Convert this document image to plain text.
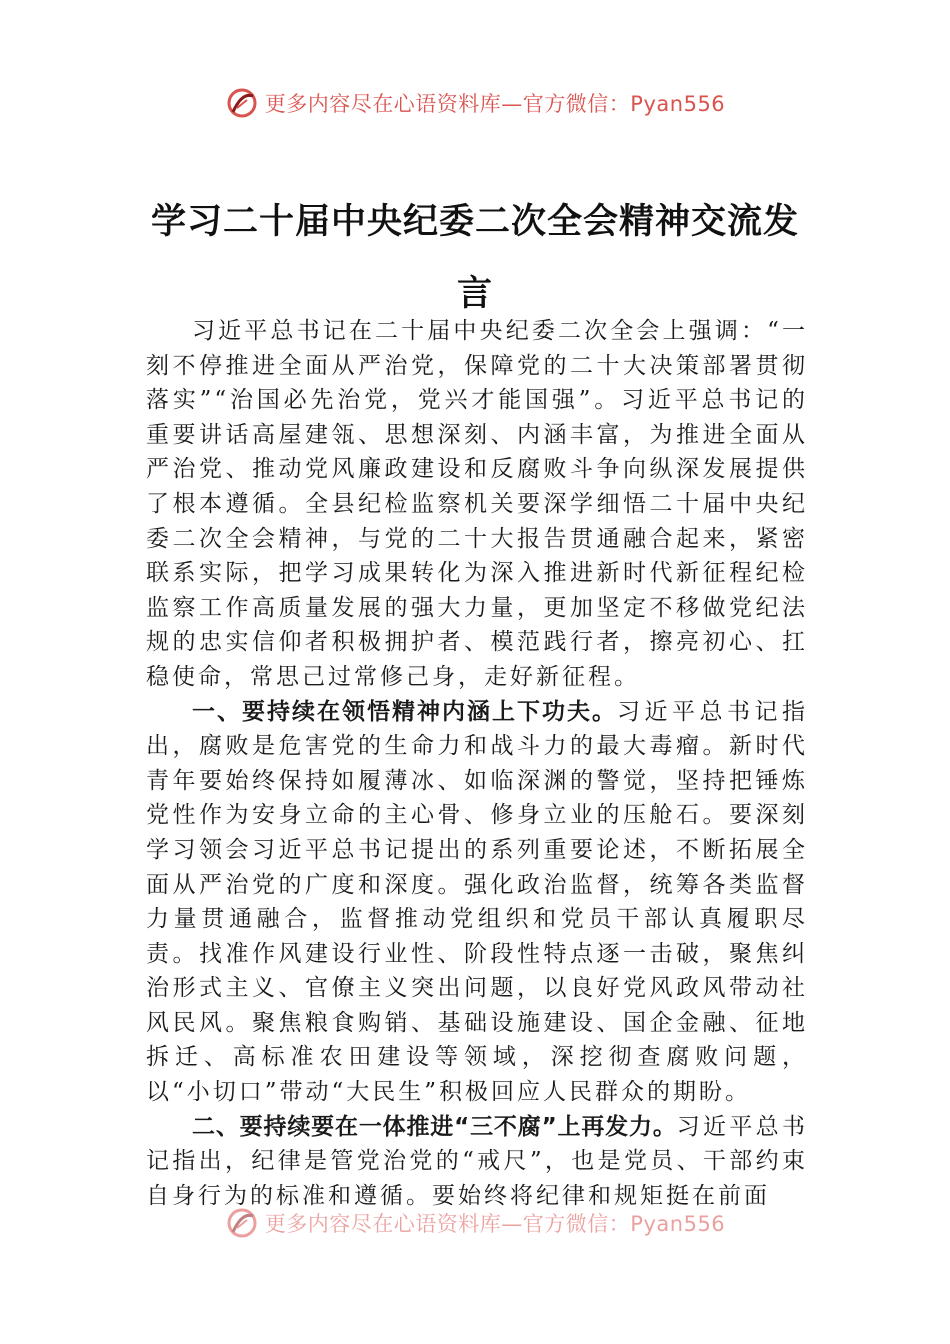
更多内容尽在心语资料库—官方微信：Pyan556
学习二十届中央纪委二次全会精神交流发言

习近平总书记在二十届中央纪委二次全会上强调：“一刻不停推进全面从严治党，保障党的二十大决策部署贯彻落实”“治国必先治党，党兴才能国强”。习近平总书记的重要讲话高屋建瓴、思想深刻、内涵丰富，为推进全面从严治党、推动党风廉政建设和反腐败斗争向纵深发展提供了根本遵循。全县纪检监察机关要深学细悟二十届中央纪委二次全会精神，与党的二十大报告贯通融合起来，紧密联系实际，把学习成果转化为深入推进新时代新征程纪检监察工作高质量发展的强大力量，更加坚定不移做党纪法规的忠实信仰者积极拥护者、模范践行者，擦亮初心、扛稳使命，常思己过常修己身，走好新征程。

一、要持续在领悟精神内涵上下功夫。习近平总书记指出，腐败是危害党的生命力和战斗力的最大毒瘤。新时代青年要始终保持如履薄冰、如临深渊的警觉，坚持把锤炼党性作为安身立命的主心骨、修身立业的压舱石。要深刻学习领会习近平总书记提出的系列重要论述，不断拓展全面从严治党的广度和深度。强化政治监督，统筹各类监督力量贯通融合，监督推动党组织和党员干部认真履职尽责。找准作风建设行业性、阶段性特点逐一击破，聚焦纠治形式主义、官僚主义突出问题，以良好党风政风带动社风民风。聚焦粮食购销、基础设施建设、国企金融、征地拆迁、高标准农田建设等领域，深挖彻查腐败问题，以“小切口”带动“大民生”积极回应人民群众的期盼。

二、要持续要在一体推进“三不腐”上再发力。习近平总书记指出，纪律是管党治党的“戒尺”，也是党员、干部约束自身行为的标准和遵循。要始终将纪律和规矩挺在前面

更多内容尽在心语资料库—官方微信：Pyan556
